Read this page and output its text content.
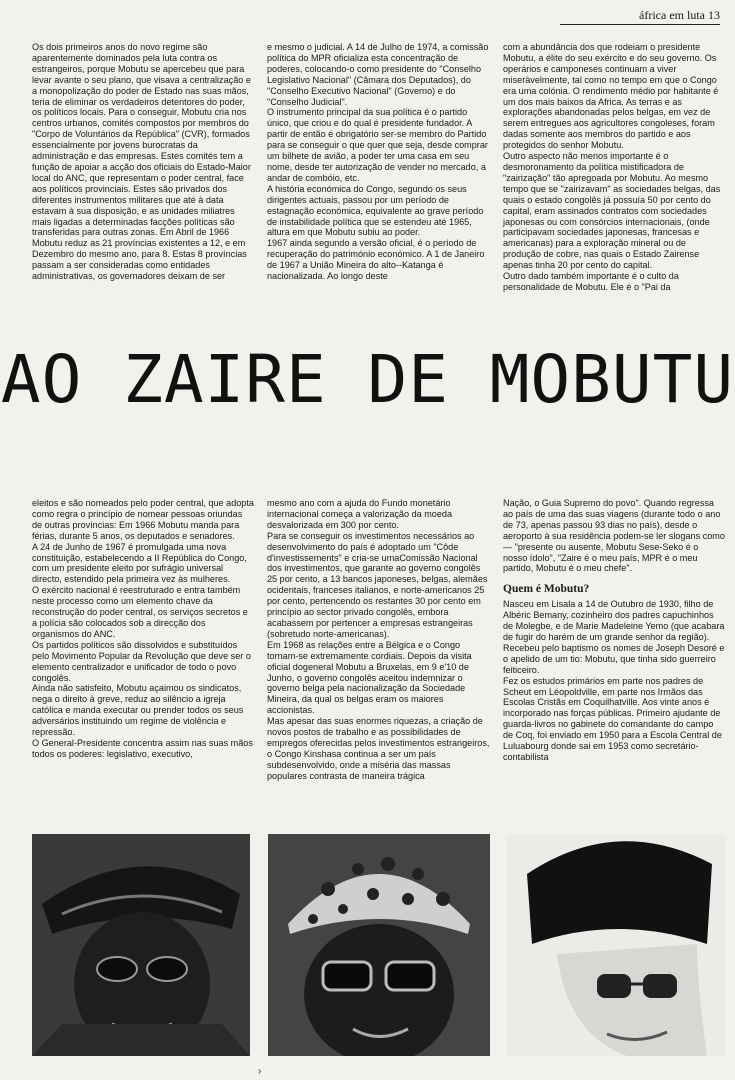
áfrica em luta 13

Os dois primeiros anos do novo regime são aparentemente dominados pela luta contra os estrangeiros, porque Mobutu se apercebeu que para levar avante o seu plano, que visava a centralização e a monopolização do poder de Estado nas suas mãos, teria de eliminar os verdadeiros detentores do poder, os políticos locais. Para o conseguir, Mobutu cria nos centros urbanos, comités compostos por membros do "Corpo de Voluntários da República" (CVR), formados essencialmente por jovens burocratas da administração e das empresas. Estes comités tem a função de apoiar a acção dos oficiais do Estado-Maior local do ANC, que representam o poder central, face aos políticos provinciais. Estes são privados dos diferentes instrumentos militares que até à data estavam à sua disposição, e as unidades miliatres mais ligadas a determinadas facções políticas são transferidas para outras zonas. Em Abril de 1966 Mobutu reduz as 21 províncias existentes a 12, e em Dezembro do mesmo ano, para 8. Estas 8 províncias passam a ser consideradas como entidades administrativas, os governadores deixam de ser

e mesmo o judicial. A 14 de Julho de 1974, a comissão política do MPR oficializa esta concentração de poderes, colocando-o como presidente do "Conselho Legislativo Nacional" (Câmara dos Deputados), do "Conselho Executivo Nacional" (Governo) e do "Conselho Judicial".

O instrumento principal da sua política é o partido único, que criou e do qual é presidente fundador. A partir de então é obrigatório ser-se membro do Partido para se conseguir o que quer que seja, desde comprar um bilhete de avião, a poder ter uma casa em seu nome, desde ter autorização de vender no mercado, a andar de combóio, etc.

A história económica do Congo, segundo os seus dirigentes actuais, passou por um período de estagnação económica, equivalente ao grave período de instabilidade política que se estendeu até 1965, altura em que Mobutu subiu ao poder.

1967 ainda segundo a versão oficial, é o período de recuperação do património económico. A 1 de Janeiro de 1967 a União Mineira do alto--Katanga é nacionalizada. Ao longo deste

com a abundância dos que rodeiam o presidente Mobutu, a élite do seu exército e do seu governo. Os operários e camponeses continuam a viver miseràvelmente, tal como no tempo em que o Congo era uma colónia. O rendimento médio por habitante é um dos mais baixos da Africa. As terras e as explorações abandonadas pelos belgas, em vez de serem entregues aos agricultores congoleses, foram dadas somente aos membros do partido e aos protegidos do senhor Mobutu.

Outro aspecto não menos importante é o desmoronamento da política mistificadora de "zairização" tão apregoada por Mobutu. Ao mesmo tempo que se "zairizavam" as sociedades belgas, das quais o estado congolês já possuía 50 por cento do capital, eram assinados contratos com sociedades japonesas ou com consórcios internacionais, (onde participavam sociedades japonesas, francesas e americanas) para a exploração mineral ou de produção de cobre, nas quais o Estado Zairense apenas tinha 20 por cento do capital.

Outro dado também importante é o culto da personalidade de Mobutu. Ele é o "Pai da

AO ZAIRE DE MOBUTU

eleitos e são nomeados pelo poder central, que adopta como regra o princípio de nomear pessoas oriundas de outras províncias: Em 1966 Mobutu manda para férias, durante 5 anos, os deputados e senadores.

A 24 de Junho de 1967 é promulgada uma nova constituição, estabelecendo a II República do Congo, com um presidente eleito por sufrágio universal directo, estendido pela primeira vez às mulheres.

O exército nacional é reestruturado e entra também neste processo como um elemento chave da reconstrução do poder central, os serviços secretos e a polícia são colocados sob a direcção dos organismos do ANC.

Os partidos políticos são dissolvidos e substituídos pelo Movimento Popular da Revolução que deve ser o elemento centralizador e unificador de todo o povo congolês.

Ainda não satisfeito, Mobutu açaimou os sindicatos, nega o direito à greve, reduz ao silêncio a igreja católica e manda executar ou prender todos os seus adversários instituindo um regime de violência e repressão.

O General-Presidente concentra assim nas suas mãos todos os poderes: legislativo, executivo,

mesmo ano com a ajuda do Fundo monetário internacional começa a valorização da moeda desvalorizada em 300 por cento.

Para se conseguir os investimentos necessários ao desenvolvimento do país é adoptado um "Côde d'investissements" e cria-se umaComissão Nacional dos investimentos, que garante ao governo congolês 25 por cento, a 13 bancos japoneses, belgas, alemães ocidentais, franceses italianos, e norte-americanos 25 por cento, pertencendo os restantes 30 por cento em princípio ao sector privado congolês, embora acabassem por pertencer a empresas estrangeiras (sobretudo norte-americanas).

Em 1968 as relações entre a Bélgica e o Congo tornam-se extremamente cordiais. Depois da visita oficial dogeneral Mobutu a Bruxelas, em 9 e'10 de Junho, o governo congolês aceitou indemnizar o governo belga pela nacionalização da Sociedade Mineira, da qual os belgas eram os maiores accionistas.

Mas apesar das suas enormes riquezas, a criação de novos postos de trabalho e as possibilidades de empregos oferecidas pelos investimentos estrangeiros, o Congo Kinshasa continua a ser um país subdesenvolvido, onde a miséria das massas populares contrasta de maneira trágica

Nação, o Guia Supremo do povo". Quando regressa ao país de uma das suas viagens (durante todo o ano de 73, apenas passou 93 dias no país), desde o aeroporto à sua residência podem-se ler slogans como — "presente ou ausente, Mobutu Sese-Seko é o nosso ídolo", "Zaire é o meu país, MPR é o meu partido, Mobutu é o meu chefe".

Quem é Mobutu?

Nasceu em Lisala a 14 de Outubro de 1930, filho de Albéric Bemany, cozinheiro dos padres capuchinhos de Molegbe, e de Marie Madeleine Yemo (que acabara de fugir do harém de um grande senhor da região).

Recebeu pelo baptismo os nomes de Joseph Desoré e o apelido de um tio: Mobutu, que tinha sido guerreiro feiticeiro.

Fez os estudos primários em parte nos padres de Scheut em Léopoldville, em parte nos Irmãos das Escolas Cristãs em Coquilhatville. Aos vinte anos é incorporado nas forças públicas. Primeiro ajudante de guarda-livros no gabinete do comandante do campo de Coq, foi enviado em 1950 para a Escola Central de Luluabourg donde sai em 1953 como secretário-contabilista

›
